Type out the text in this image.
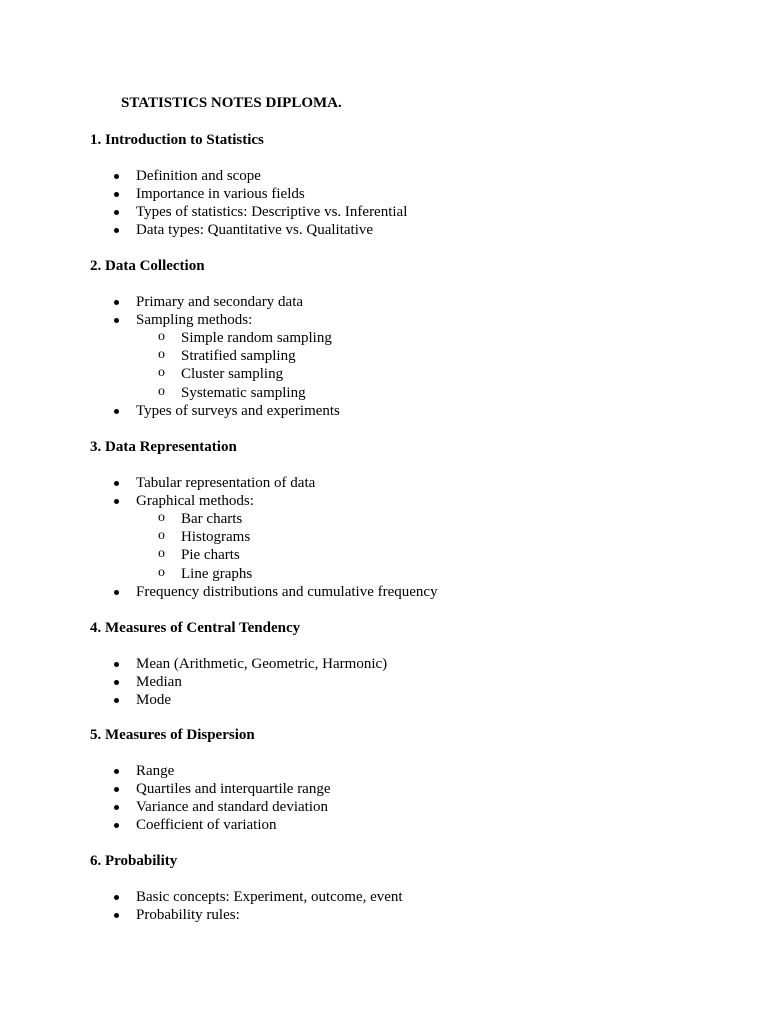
STATISTICS NOTES DIPLOMA.
1. Introduction to Statistics
Definition and scope
Importance in various fields
Types of statistics: Descriptive vs. Inferential
Data types: Quantitative vs. Qualitative
2. Data Collection
Primary and secondary data
Sampling methods:
o Simple random sampling
o Stratified sampling
o Cluster sampling
o Systematic sampling
Types of surveys and experiments
3. Data Representation
Tabular representation of data
Graphical methods:
o Bar charts
o Histograms
o Pie charts
o Line graphs
Frequency distributions and cumulative frequency
4. Measures of Central Tendency
Mean (Arithmetic, Geometric, Harmonic)
Median
Mode
5. Measures of Dispersion
Range
Quartiles and interquartile range
Variance and standard deviation
Coefficient of variation
6. Probability
Basic concepts: Experiment, outcome, event
Probability rules:
